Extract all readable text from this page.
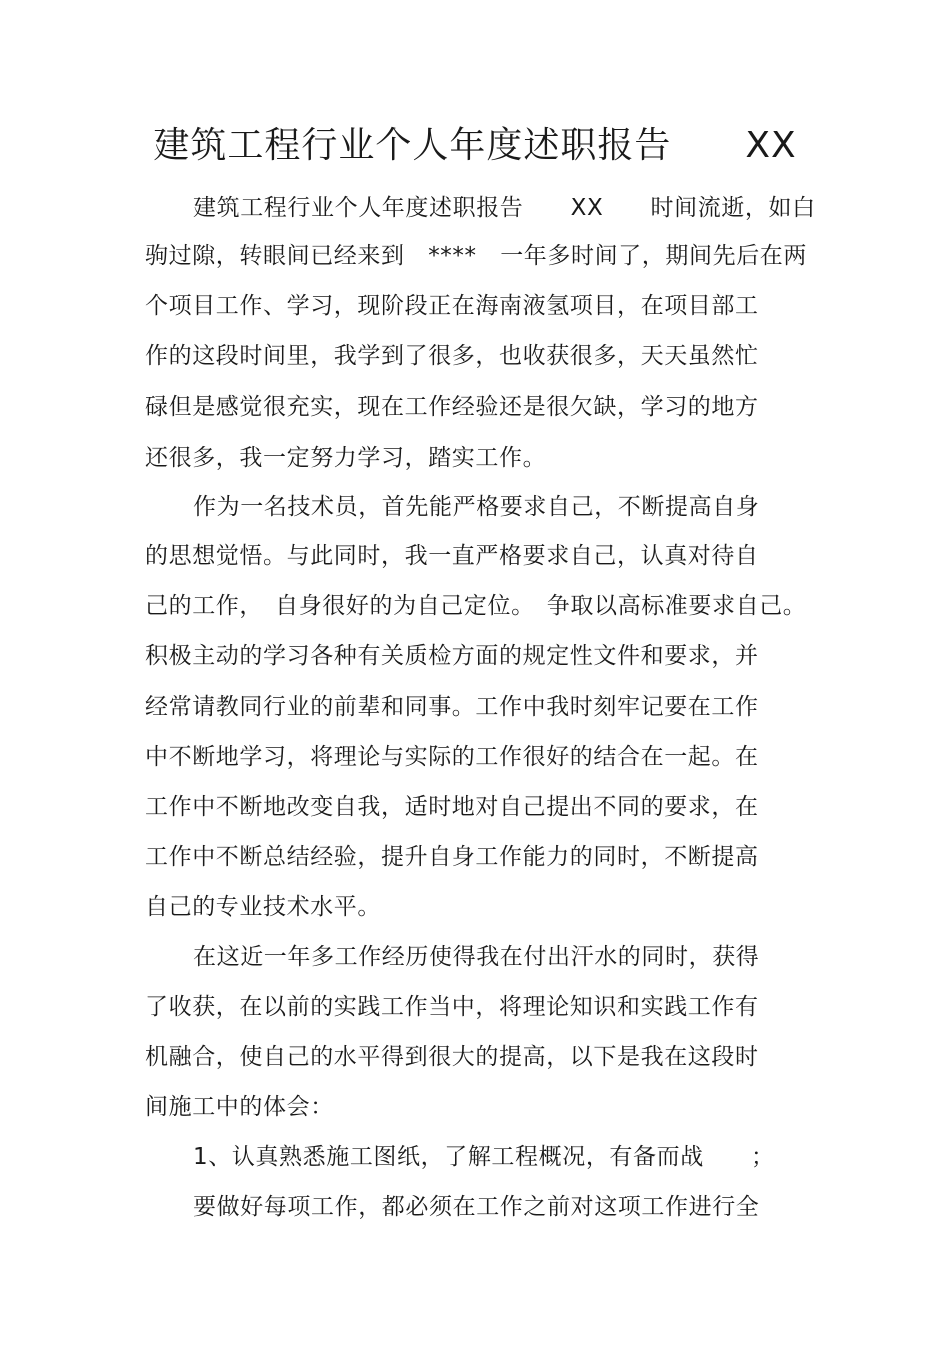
建筑工程行业个人年度述职报告　　XX
建筑工程行业个人年度述职报告　　XX　　时间流逝，如白
驹过隙，转眼间已经来到　****　一年多时间了，期间先后在两
个项目工作、学习，现阶段正在海南液氢项目，在项目部工
作的这段时间里，我学到了很多，也收获很多，天天虽然忙
碌但是感觉很充实，现在工作经验还是很欠缺，学习的地方
还很多，我一定努力学习，踏实工作。
作为一名技术员，首先能严格要求自己，不断提高自身
的思想觉悟。与此同时，我一直严格要求自己，认真对待自
己的工作，　自身很好的为自己定位。　争取以高标准要求自己。
积极主动的学习各种有关质检方面的规定性文件和要求，并
经常请教同行业的前辈和同事。工作中我时刻牢记要在工作
中不断地学习，将理论与实际的工作很好的结合在一起。在
工作中不断地改变自我，适时地对自己提出不同的要求，在
工作中不断总结经验，提升自身工作能力的同时，不断提高
自己的专业技术水平。
在这近一年多工作经历使得我在付出汗水的同时，获得
了收获，在以前的实践工作当中，将理论知识和实践工作有
机融合，使自己的水平得到很大的提高，以下是我在这段时
间施工中的体会：
1、认真熟悉施工图纸，了解工程概况，有备而战　　；
要做好每项工作，都必须在工作之前对这项工作进行全
